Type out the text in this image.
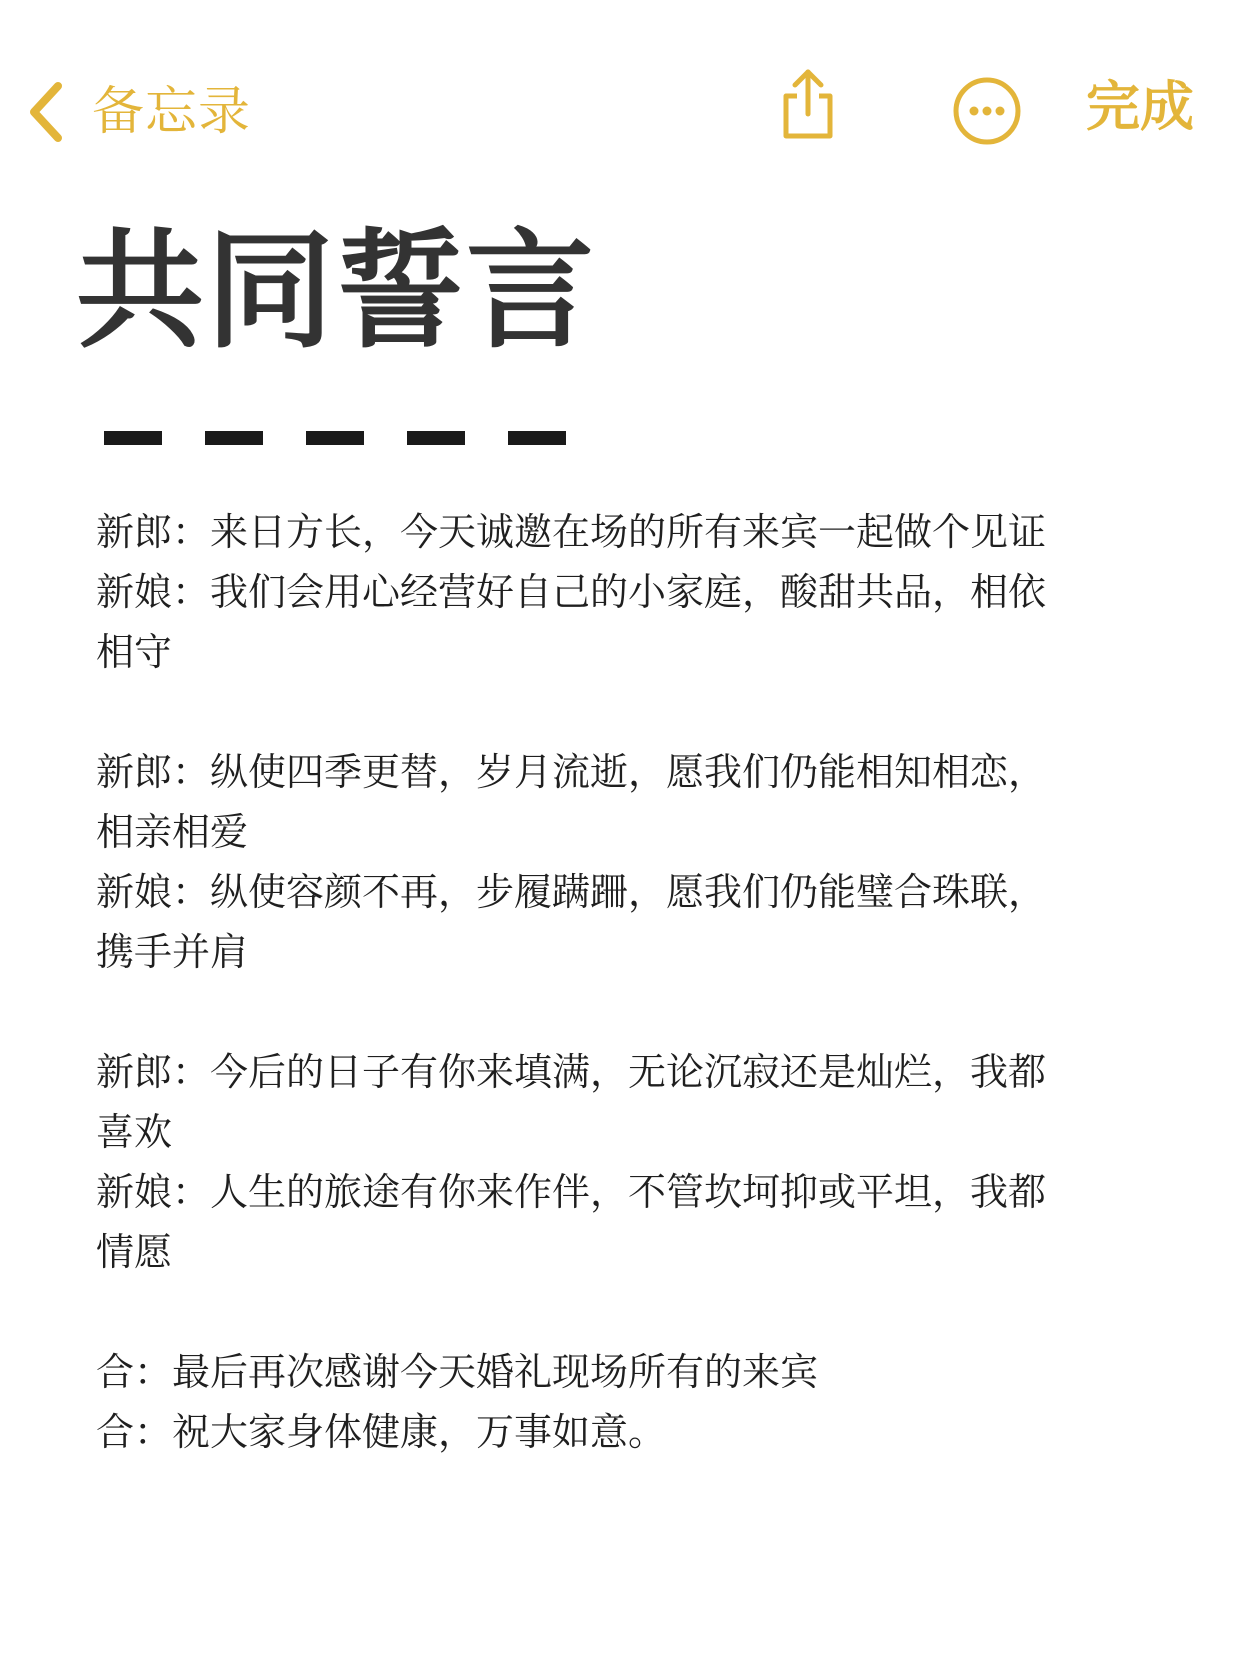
备忘录	完成
共同誓言

新郎：来日方长，今天诚邀在场的所有来宾一起做个见证

新娘：我们会用心经营好自己的小家庭，酸甜共品，相依

相守

新郎：纵使四季更替，岁月流逝，愿我们仍能相知相恋，

相亲相爱

新娘：纵使容颜不再，步履蹒跚，愿我们仍能璧合珠联，

携手并肩

新郎：今后的日子有你来填满，无论沉寂还是灿烂，我都

喜欢

新娘：人生的旅途有你来作伴，不管坎坷抑或平坦，我都

情愿

合：最后再次感谢今天婚礼现场所有的来宾

合：祝大家身体健康，万事如意。
